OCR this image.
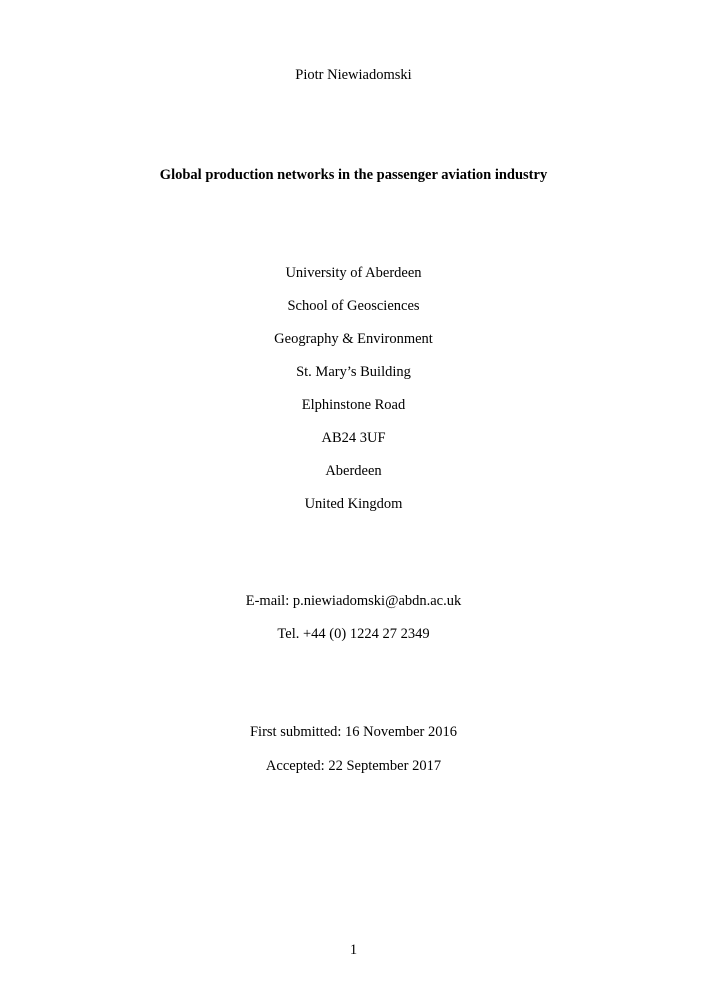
Piotr Niewiadomski
Global production networks in the passenger aviation industry
University of Aberdeen
School of Geosciences
Geography & Environment
St. Mary’s Building
Elphinstone Road
AB24 3UF
Aberdeen
United Kingdom
E-mail: p.niewiadomski@abdn.ac.uk
Tel. +44 (0) 1224 27 2349
First submitted: 16 November 2016
Accepted: 22 September 2017
1
